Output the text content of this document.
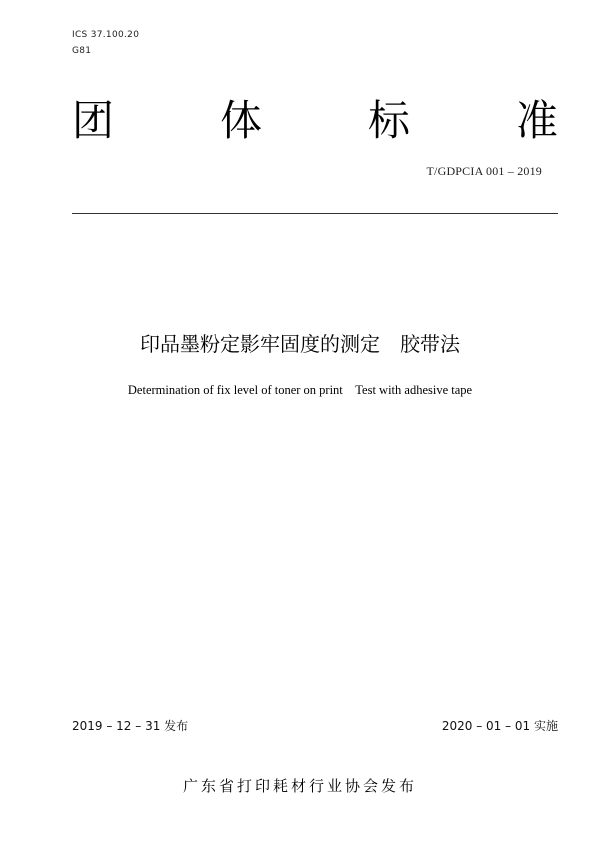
ICS 37.100.20
G81
团	体	标	准
T/GDPCIA 001 – 2019
印品墨粉定影牢固度的测定　胶带法
Determination of fix level of toner on print　Test with adhesive tape
2019 – 12 – 31 发布	2020 – 01 – 01 实施
广东省打印耗材行业协会发布
